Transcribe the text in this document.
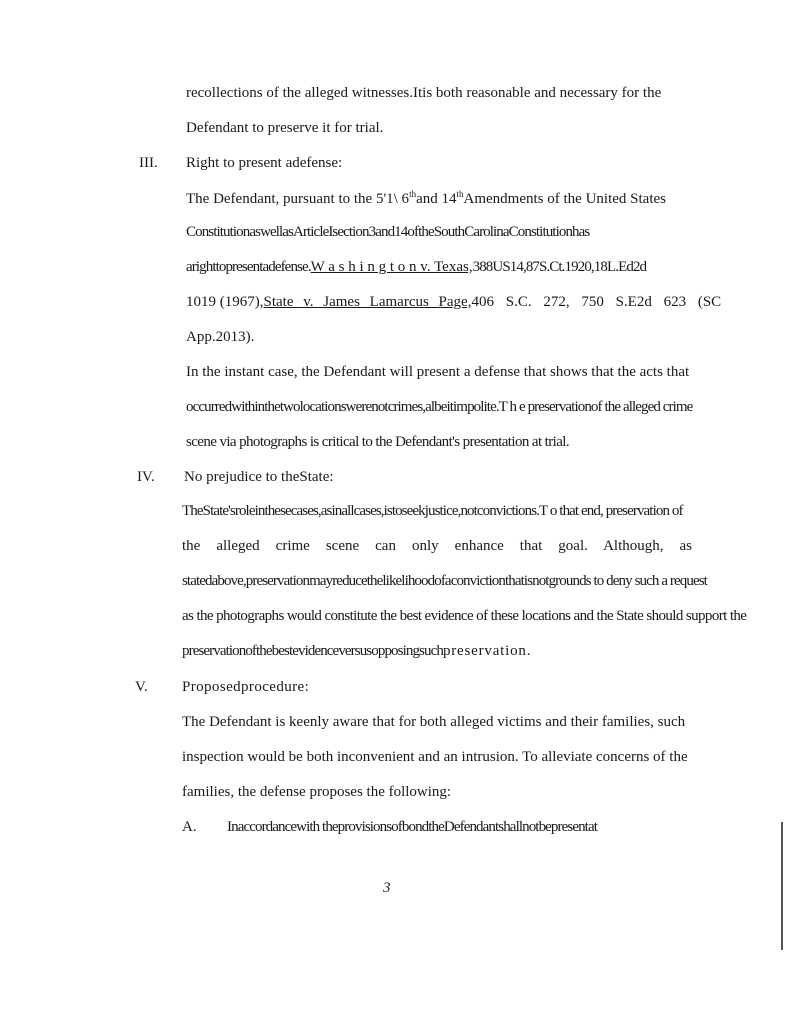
recollections of the alleged witnesses.Itis both reasonable and necessary for the
Defendant to preserve it for trial.
III. Right to present adefense:
The Defendant, pursuant to the 5'1\ 6thand 14thAmendments of the United States
ConstitutionaswellasArticleIsection3and14oftheSouthCarolinaConstitutionhas
arighttopresentadefense.W a s h i n g t o n v. Texas,388US14,87S.Ct.1920,18L.Ed2d
1019 (1967),State v. James Lamarcus Page,406 S.C. 272, 750 S.E2d 623 (SC
App.2013).
In the instant case, the Defendant will present a defense that shows that the acts that
occurredwithinthetwolocationswerenotcrimes,albeitimpolite.T h e preservationof the alleged crime
scene via photographs is critical to the Defendant's presentation at trial.
IV. No prejudice to theState:
TheState'sroleinthesecases,asinallcases,istoseekjustice,notconvictions.T o that end, preservation of
the alleged crime scene can only enhance that goal. Although, as
statedabove,preservationmayreducethelikelihoodofaconvictionthatisnotgrounds to deny such a request
as the photographs would constitute the best evidence of these locations and the State should support the
preservationofthebestevidenceversusopposingsuchpreservation.
V. Proposedprocedure:
The Defendant is keenly aware that for both alleged victims and their families, such
inspection would be both inconvenient and an intrusion. To alleviate concerns of the
families, the defense proposes the following:
A. Inaccordancewith theprovisionsofbondtheDefendantshallnotbepresentat
3
